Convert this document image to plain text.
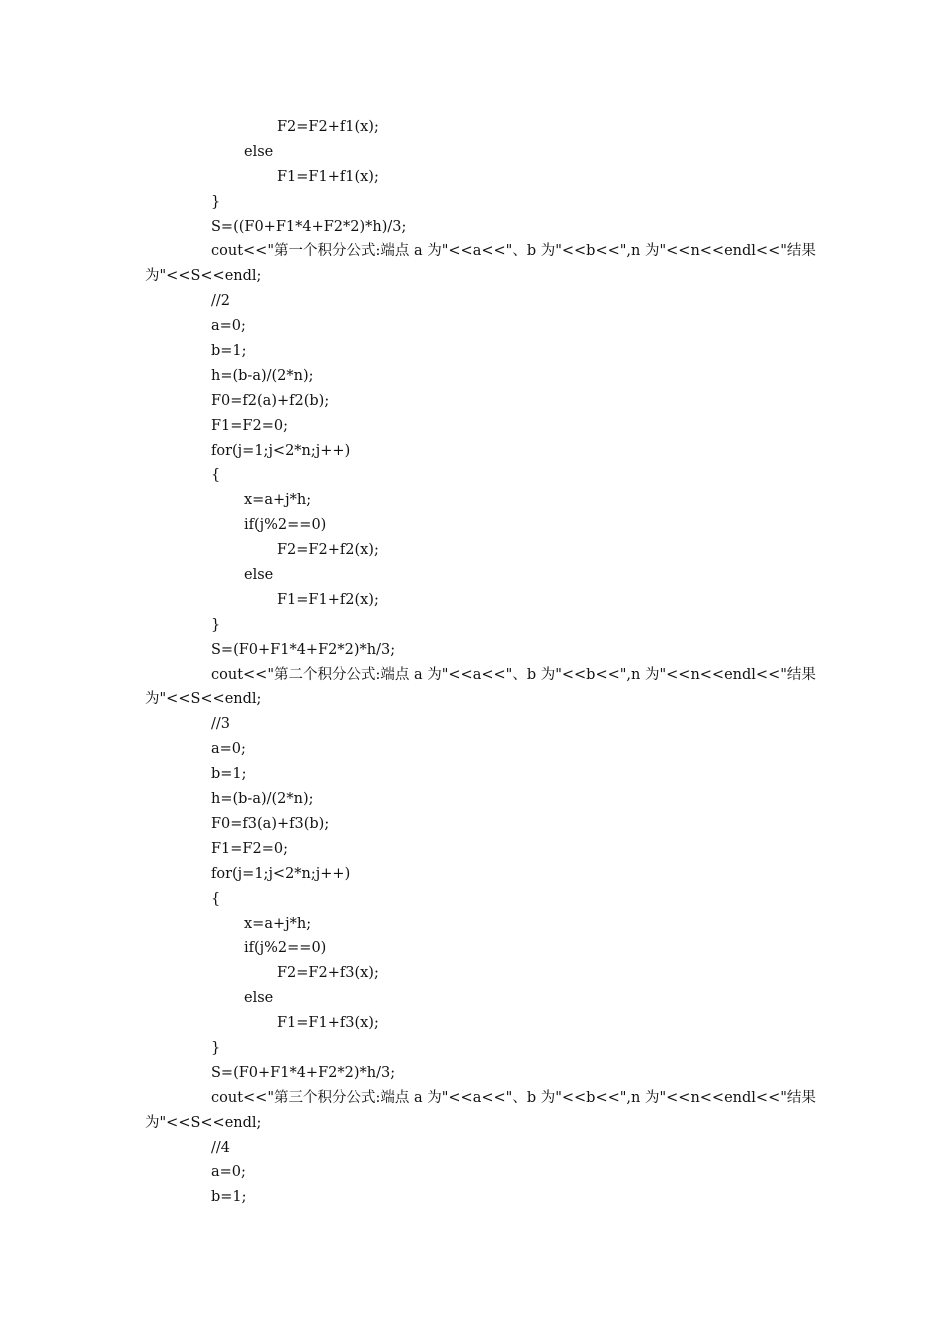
F2=F2+f1(x);
else
F1=F1+f1(x);
}
S=((F0+F1*4+F2*2)*h)/3;
cout<<"第一个积分公式:端点 a 为"<<a<<"、b 为"<<b<<",n 为"<<n<<endl<<"结果
为"<<S<<endl;
//2
a=0;
b=1;
h=(b-a)/(2*n);
F0=f2(a)+f2(b);
F1=F2=0;
for(j=1;j<2*n;j++)
{
x=a+j*h;
if(j%2==0)
F2=F2+f2(x);
else
F1=F1+f2(x);
}
S=(F0+F1*4+F2*2)*h/3;
cout<<"第二个积分公式:端点 a 为"<<a<<"、b 为"<<b<<",n 为"<<n<<endl<<"结果
为"<<S<<endl;
//3
a=0;
b=1;
h=(b-a)/(2*n);
F0=f3(a)+f3(b);
F1=F2=0;
for(j=1;j<2*n;j++)
{
x=a+j*h;
if(j%2==0)
F2=F2+f3(x);
else
F1=F1+f3(x);
}
S=(F0+F1*4+F2*2)*h/3;
cout<<"第三个积分公式:端点 a 为"<<a<<"、b 为"<<b<<",n 为"<<n<<endl<<"结果
为"<<S<<endl;
//4
a=0;
b=1;
